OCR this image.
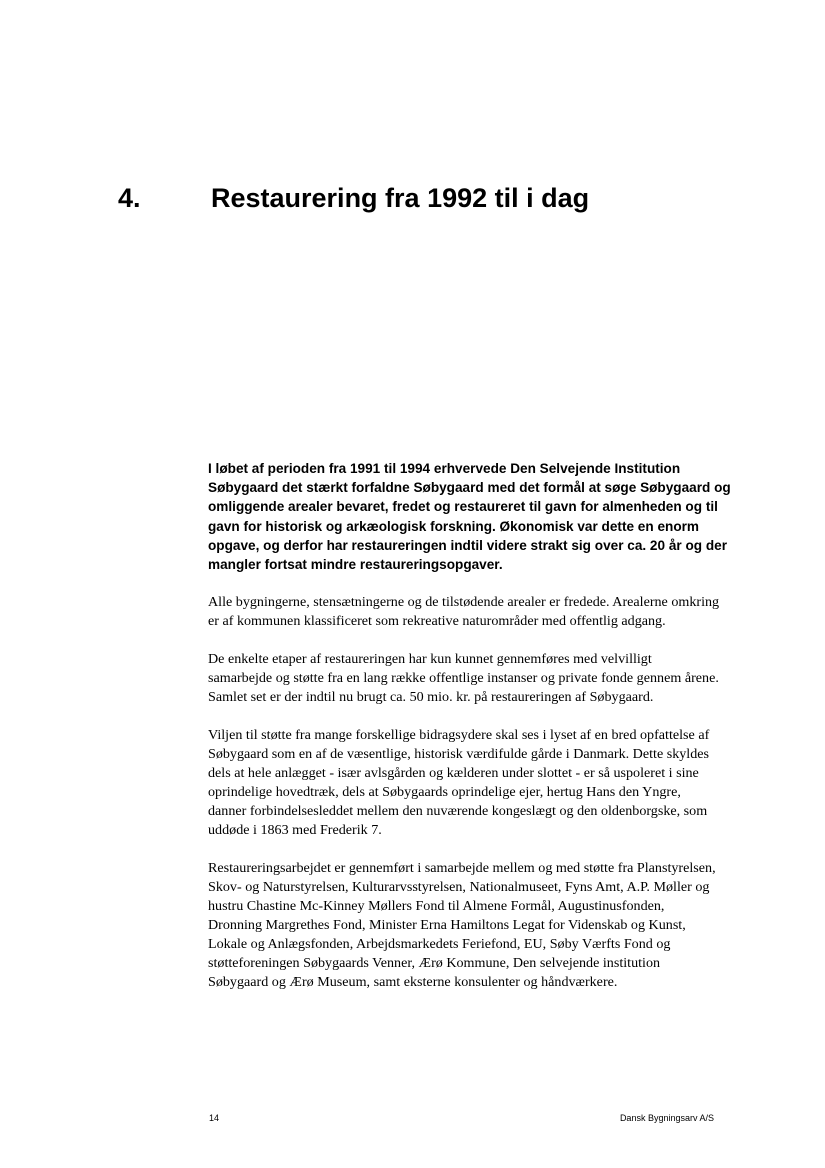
4.	Restaurering fra 1992 til i dag

I løbet af perioden fra 1991 til 1994 erhvervede Den Selvejende Institution
Søbygaard det stærkt forfaldne Søbygaard med det formål at søge Søbygaard og
omliggende arealer bevaret, fredet og restaureret til gavn for almenheden og til
gavn for historisk og arkæologisk forskning. Økonomisk var dette en enorm
opgave, og derfor har restaureringen indtil videre strakt sig over ca. 20 år og der
mangler fortsat mindre restaureringsopgaver.

Alle bygningerne, stensætningerne og de tilstødende arealer er fredede. Arealerne omkring
er af kommunen klassificeret som rekreative naturområder med offentlig adgang.

De enkelte etaper af restaureringen har kun kunnet gennemføres med velvilligt
samarbejde og støtte fra en lang række offentlige instanser og private fonde gennem årene.
Samlet set er der indtil nu brugt ca. 50 mio. kr. på restaureringen af Søbygaard.

Viljen til støtte fra mange forskellige bidragsydere skal ses i lyset af en bred opfattelse af
Søbygaard som en af de væsentlige, historisk værdifulde gårde i Danmark. Dette skyldes
dels at hele anlægget - især avlsgården og kælderen under slottet - er så uspoleret i sine
oprindelige hovedtræk, dels at Søbygaards oprindelige ejer, hertug Hans den Yngre,
danner forbindelsesleddet mellem den nuværende kongeslægt og den oldenborgske, som
uddøde i 1863 med Frederik 7.

Restaureringsarbejdet er gennemført i samarbejde mellem og med støtte fra Planstyrelsen,
Skov- og Naturstyrelsen, Kulturarvsstyrelsen, Nationalmuseet, Fyns Amt, A.P. Møller og
hustru Chastine Mc-Kinney Møllers Fond til Almene Formål, Augustinusfonden,
Dronning Margrethes Fond, Minister Erna Hamiltons Legat for Videnskab og Kunst,
Lokale og Anlægsfonden, Arbejdsmarkedets Feriefond, EU, Søby Værfts Fond og
støtteforeningen Søbygaards Venner, Ærø Kommune, Den selvejende institution
Søbygaard og Ærø Museum, samt eksterne konsulenter og håndværkere.

14	Dansk Bygningsarv A/S
